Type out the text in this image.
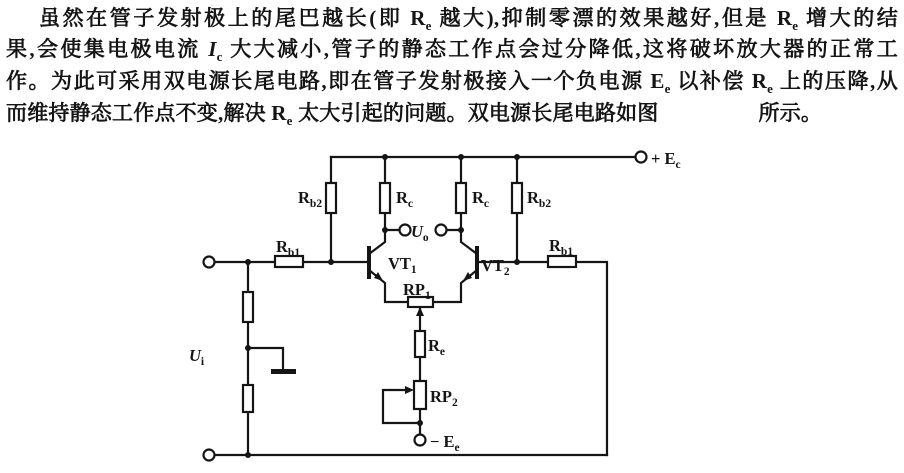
虽然在管子发射极上的尾巴越长(即 $R_e$ 越大),抑制零漂的效果越好,但是 $R_e$ 增大的结
果,会使集电极电流 $I_c$ 大大减小,管子的静态工作点会过分降低,这将破坏放大器的正常工
作。为此可采用双电源长尾电路,即在管子发射极接入一个负电源 $E_e$ 以补偿 $R_e$ 上的压降,从
而维持静态工作点不变,解决 $R_e$ 太大引起的问题。双电源长尾电路如图	所示。
$R_{b2}$	$R_c$	$R_c$ $R_{b2}$
$R_{b1}$	$R_{b1}$
$VT_1$	$VT_2$
$U_o$
$RP_1$
$R_e$
$RP_2$
$U_i$
+ $E_c$
− $E_e$
